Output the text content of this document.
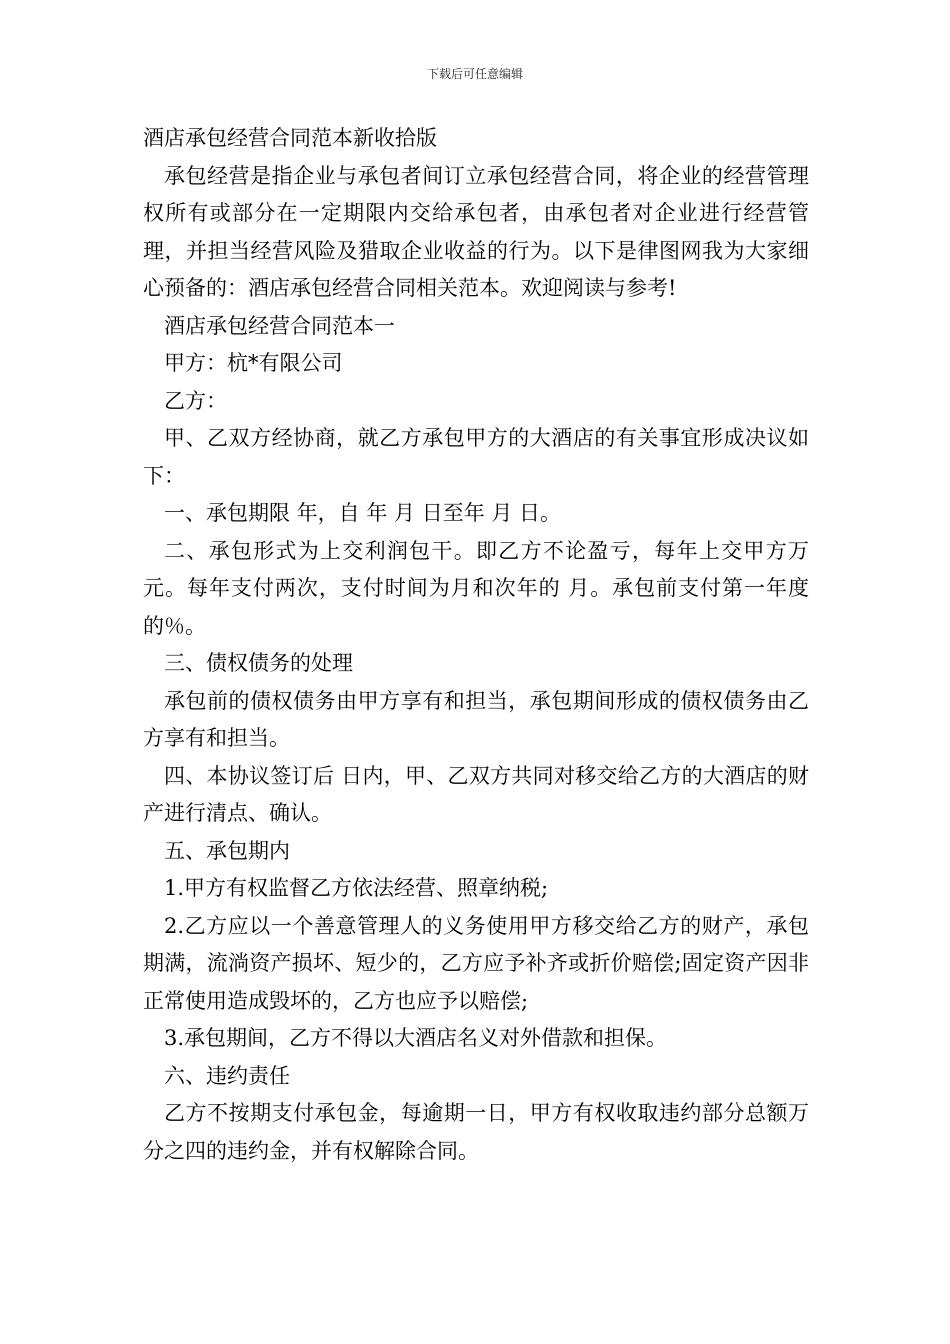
下载后可任意编辑

酒店承包经营合同范本新收拾版

承包经营是指企业与承包者间订立承包经营合同，将企业的经营管理权所有或部分在一定期限内交给承包者，由承包者对企业进行经营管理，并担当经营风险及猎取企业收益的行为。以下是律图网我为大家细心预备的：酒店承包经营合同相关范本。欢迎阅读与参考!

酒店承包经营合同范本一

甲方：杭*有限公司

乙方：

甲、乙双方经协商，就乙方承包甲方的大酒店的有关事宜形成决议如下：

一、承包期限 年，自 年 月 日至年 月 日。

二、承包形式为上交利润包干。即乙方不论盈亏，每年上交甲方万元。每年支付两次，支付时间为月和次年的 月。承包前支付第一年度的％。

三、债权债务的处理

承包前的债权债务由甲方享有和担当，承包期间形成的债权债务由乙方享有和担当。

四、本协议签订后 日内，甲、乙双方共同对移交给乙方的大酒店的财产进行清点、确认。

五、承包期内

1.甲方有权监督乙方依法经营、照章纳税;

2.乙方应以一个善意管理人的义务使用甲方移交给乙方的财产，承包期满，流淌资产损坏、短少的，乙方应予补齐或折价赔偿;固定资产因非正常使用造成毁坏的，乙方也应予以赔偿;

3.承包期间，乙方不得以大酒店名义对外借款和担保。

六、违约责任

乙方不按期支付承包金，每逾期一日，甲方有权收取违约部分总额万分之四的违约金，并有权解除合同。
